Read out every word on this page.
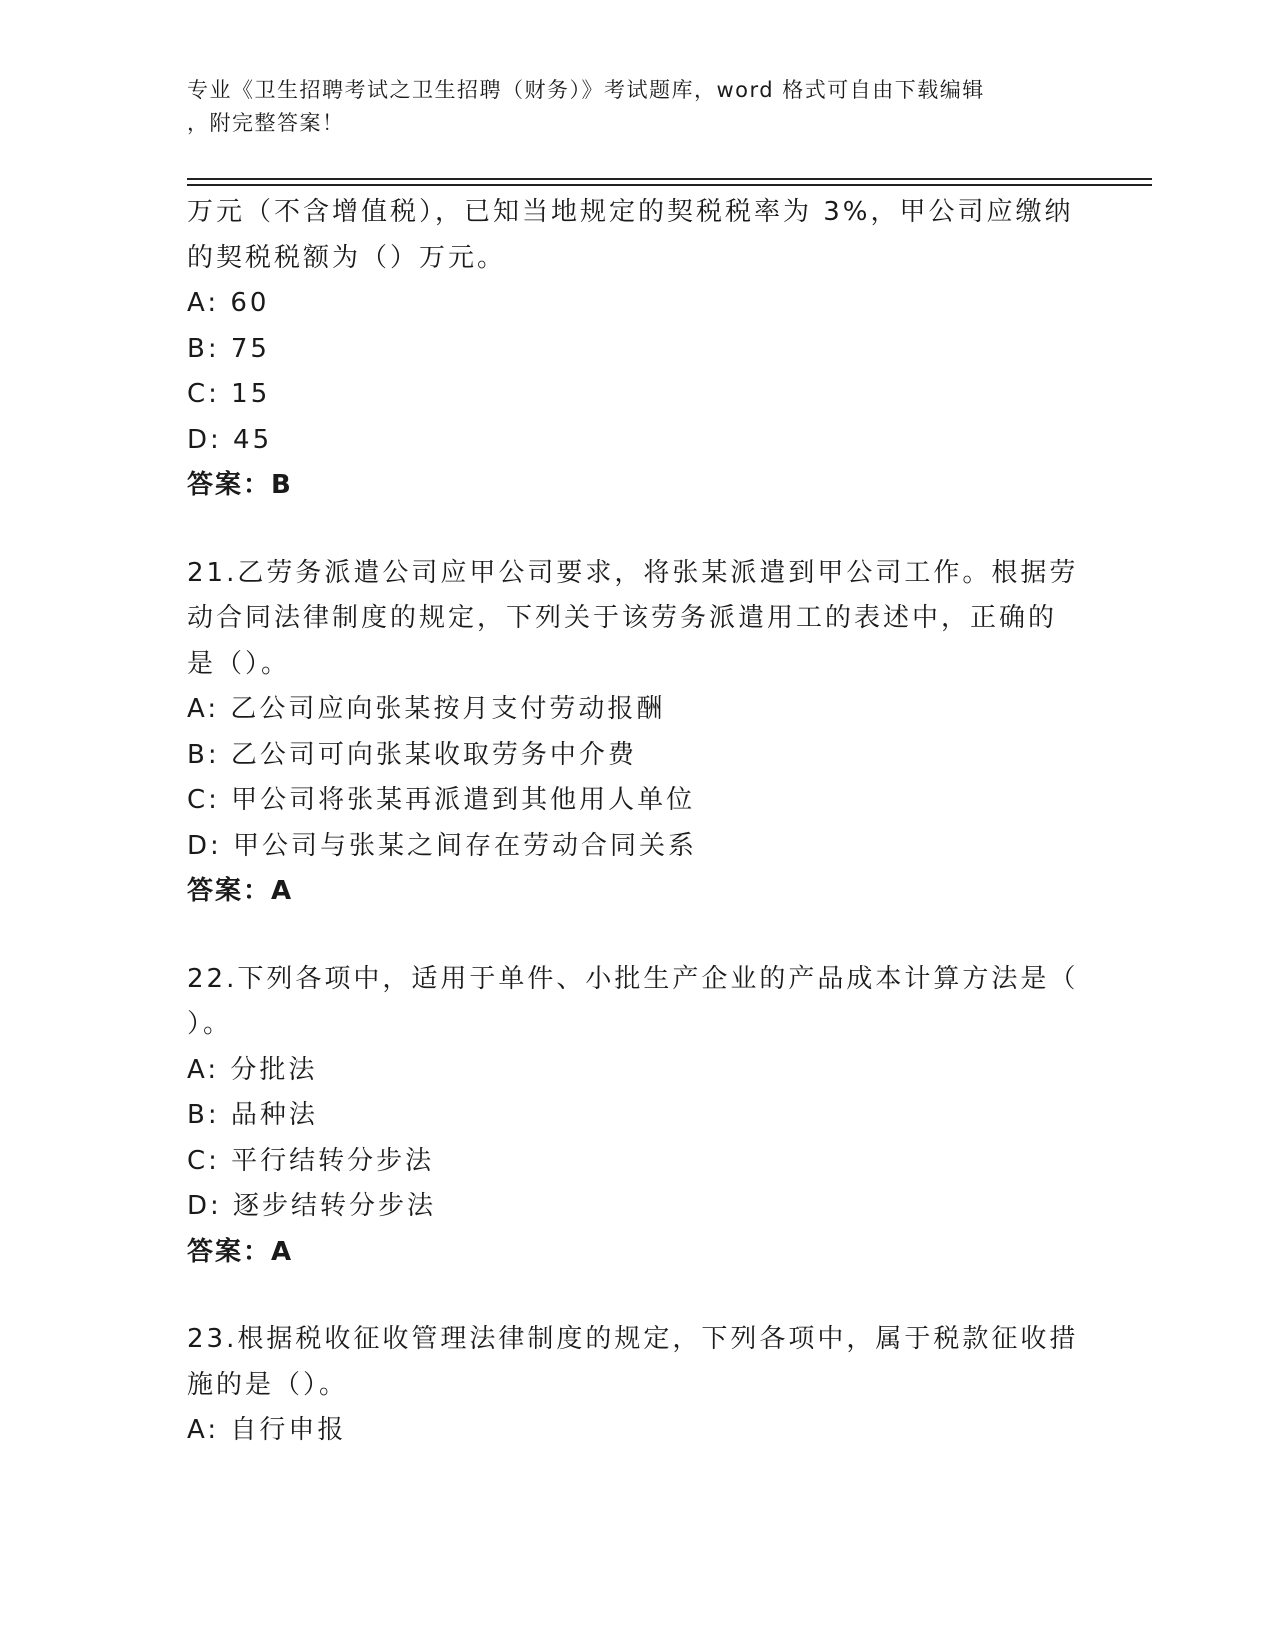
专业《卫生招聘考试之卫生招聘（财务）》考试题库，word 格式可自由下载编辑
，附完整答案！
万元（不含增值税），已知当地规定的契税税率为 3%，甲公司应缴纳
的契税税额为（）万元。
A: 60
B: 75
C: 15
D: 45
答案：B
21.乙劳务派遣公司应甲公司要求，将张某派遣到甲公司工作。根据劳
动合同法律制度的规定，下列关于该劳务派遣用工的表述中，正确的
是（）。
A: 乙公司应向张某按月支付劳动报酬
B: 乙公司可向张某收取劳务中介费
C: 甲公司将张某再派遣到其他用人单位
D: 甲公司与张某之间存在劳动合同关系
答案：A
22.下列各项中，适用于单件、小批生产企业的产品成本计算方法是（
）。
A: 分批法
B: 品种法
C: 平行结转分步法
D: 逐步结转分步法
答案：A
23.根据税收征收管理法律制度的规定，下列各项中，属于税款征收措
施的是（）。
A: 自行申报
